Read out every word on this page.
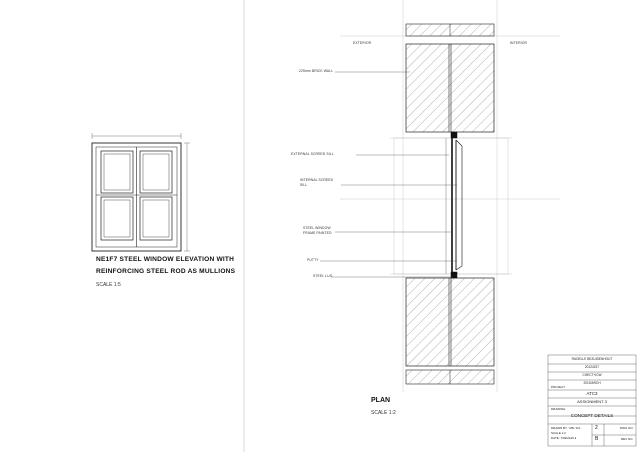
NE1F7 STEEL WINDOW ELEVATION WITH
REINFORCING STEEL ROD AS MULLIONS
SCALE 1:5
EXTERIOR	INTERIOR
225mm BRICK WALL
EXTERNAL SCREED SILL
INTERNAL SCREED
SILL
STEEL WINDOW
FRAME PAINTED
PUTTY
STEEL LUG
PLAN
SCALE 1:2
RUDELLE BEZUIDENHOUT
20124237
CHECT+ICW
2019/ARCH
PROJECT
ATC3
ASSIGNMENT 3
DRAWING
CONCEPT DETAILS
DRAWN BY : RB / DA
SCALE 1:2
DATE: 7/09/2019 ♦
2	DWG NO.
B	REV NO.
